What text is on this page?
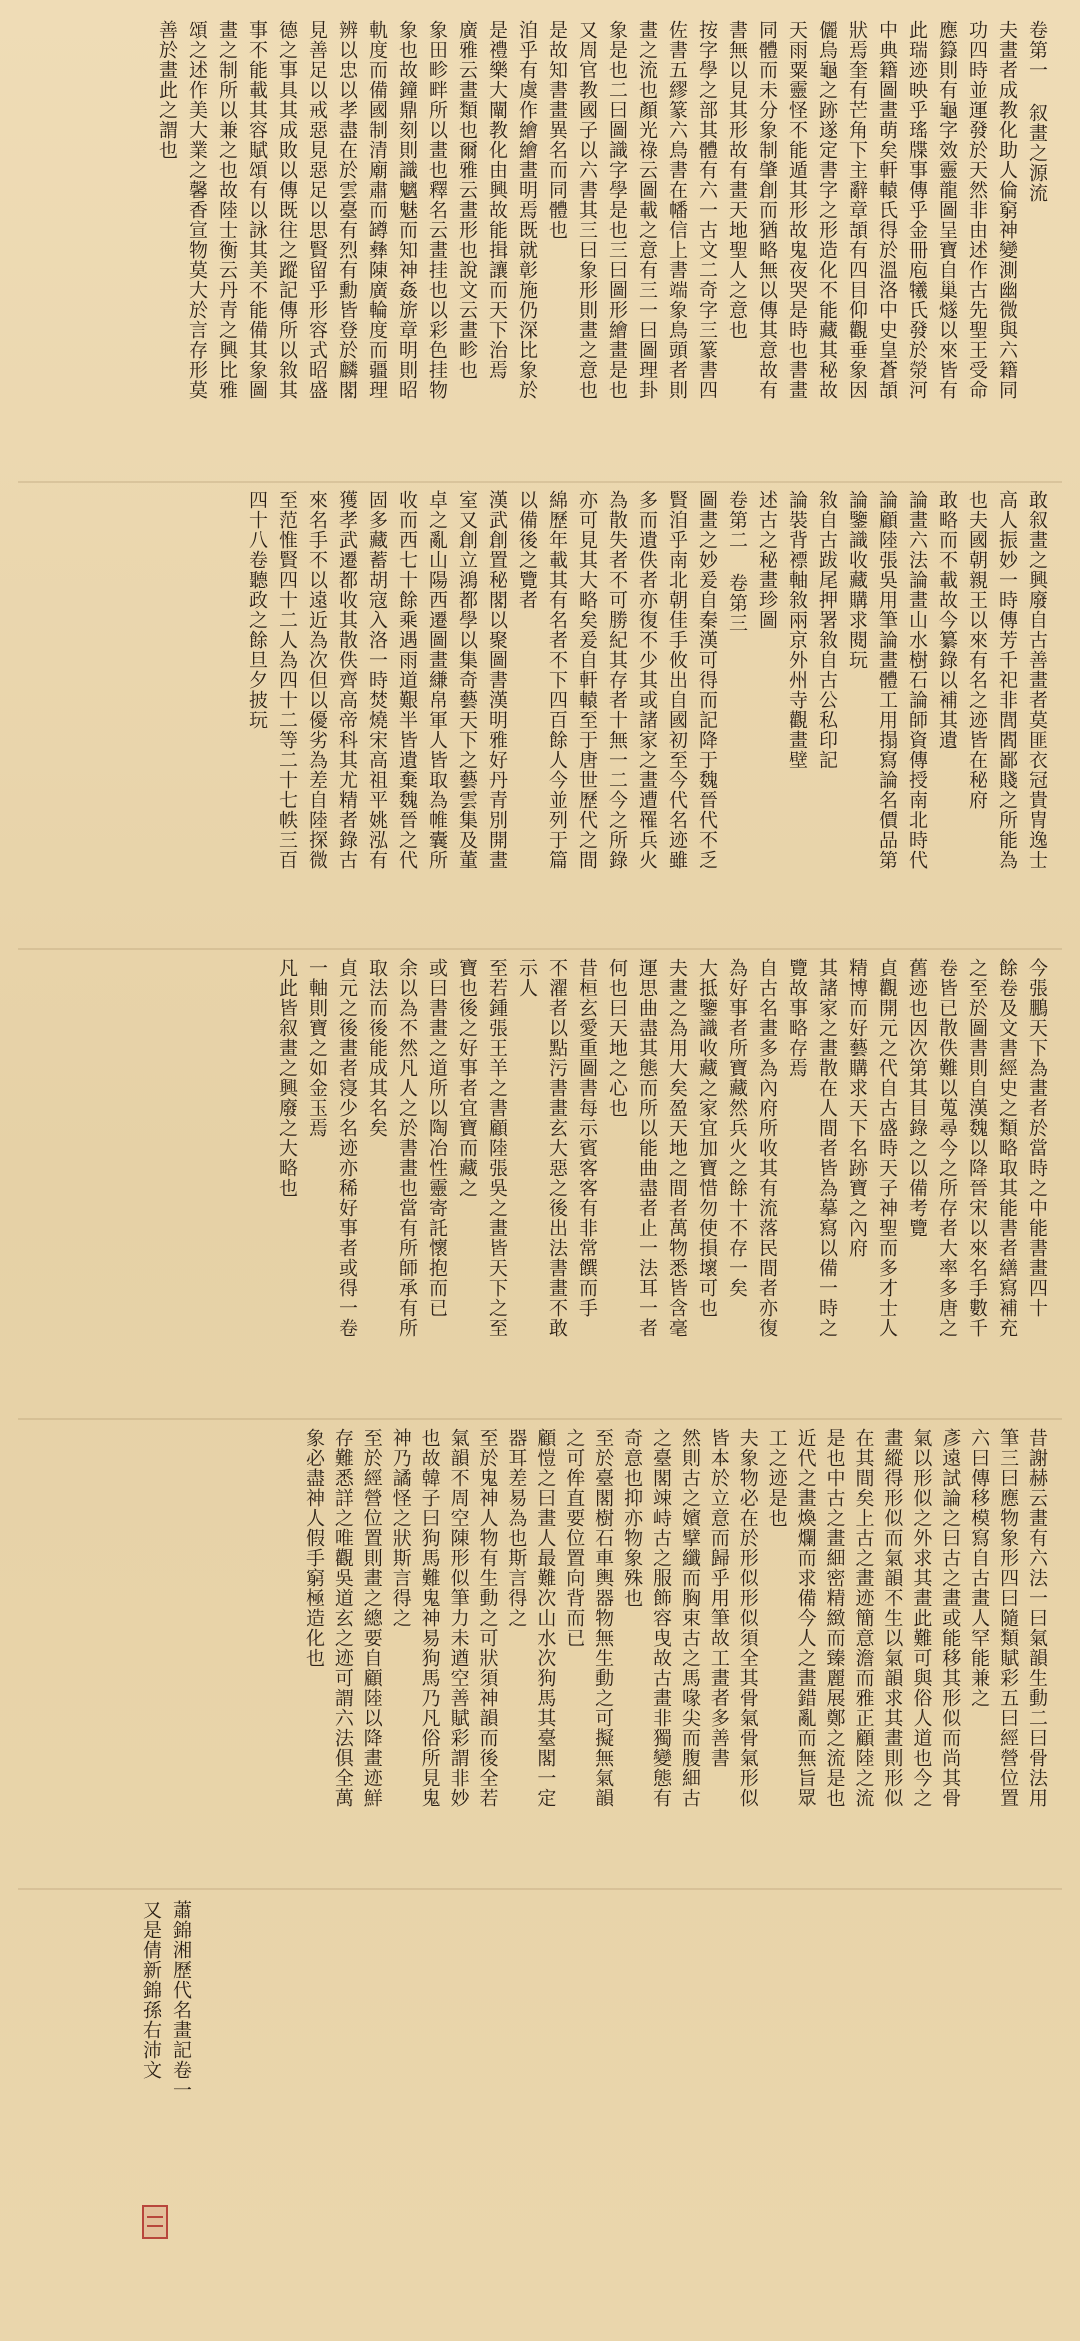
卷第一 叙畫之源流
夫畫者成教化助人倫窮神變測幽微與六籍同
功四時並運發於天然非由述作古先聖王受命
應籙則有龜字效靈龍圖呈寶自巢燧以來皆有
此瑞迹映乎瑤牒事傳乎金冊庖犧氏發於滎河
中典籍圖畫萌矣軒轅氏得於溫洛中史皇蒼頡
狀焉奎有芒角下主辭章頡有四目仰觀垂象因
儷烏龜之跡遂定書字之形造化不能藏其秘故
天雨粟靈怪不能遁其形故鬼夜哭是時也書畫
同體而未分象制肇創而猶略無以傳其意故有
書無以見其形故有畫天地聖人之意也
按字學之部其體有六一古文二奇字三篆書四
佐書五繆篆六鳥書在幡信上書端象鳥頭者則
畫之流也顏光祿云圖載之意有三一曰圖理卦
象是也二曰圖識字學是也三曰圖形繪畫是也
又周官教國子以六書其三曰象形則畫之意也
是故知書畫異名而同體也
洎乎有虞作繪繪畫明焉既就彰施仍深比象於
是禮樂大闡教化由興故能揖讓而天下治焉
廣雅云畫類也爾雅云畫形也說文云畫畛也
象田畛畔所以畫也釋名云畫挂也以彩色挂物
象也故鐘鼎刻則識魑魅而知神姦旂章明則昭
軌度而備國制清廟肅而罇彝陳廣輪度而疆理
辨以忠以孝盡在於雲臺有烈有勳皆登於麟閣
見善足以戒惡見惡足以思賢留乎形容式昭盛
德之事具其成敗以傳既往之蹤記傳所以敘其
事不能載其容賦頌有以詠其美不能備其象圖
畫之制所以兼之也故陸士衡云丹青之興比雅
頌之述作美大業之馨香宣物莫大於言存形莫
善於畫此之謂也
敢叙畫之興廢自古善畫者莫匪衣冠貴冑逸士
高人振妙一時傳芳千祀非閭閻鄙賤之所能為
也夫國朝親王以來有名之迹皆在秘府
敢略而不載故今纂錄以補其遺
論畫六法論畫山水樹石論師資傳授南北時代
論顧陸張吳用筆論畫體工用搨寫論名價品第
論鑒識收藏購求閱玩
敘自古跋尾押署敘自古公私印記
論裝背褾軸敘兩京外州寺觀畫壁
述古之秘畫珍圖
卷第二 卷第三
圖畫之妙爰自秦漢可得而記降于魏晉代不乏
賢洎乎南北朝佳手攸出自國初至今代名迹雖
多而遺佚者亦復不少其或諸家之畫遭罹兵火
為散失者不可勝紀其存者十無一二今之所錄
亦可見其大略矣爰自軒轅至于唐世歷代之間
綿歷年載其有名者不下四百餘人今並列于篇
以備後之覽者
漢武創置秘閣以聚圖書漢明雅好丹青別開畫
室又創立鴻都學以集奇藝天下之藝雲集及董
卓之亂山陽西遷圖畫縑帛軍人皆取為帷囊所
收而西七十餘乘遇雨道艱半皆遺棄魏晉之代
固多藏蓄胡寇入洛一時焚燒宋高祖平姚泓有
獲孝武遷都收其散佚齊高帝科其尤精者錄古
來名手不以遠近為次但以優劣為差自陸探微
至范惟賢四十二人為四十二等二十七帙三百
四十八卷聽政之餘旦夕披玩
今張鵬天下為畫者於當時之中能書畫四十
餘卷及文書經史之類略取其能書者繕寫補充
之至於圖書則自漢魏以降晉宋以來名手數千
卷皆已散佚難以蒐尋今之所存者大率多唐之
舊迹也因次第其目錄之以備考覽
貞觀開元之代自古盛時天子神聖而多才士人
精博而好藝購求天下名跡寶之內府
其諸家之畫散在人間者皆為摹寫以備一時之
覽故事略存焉
自古名畫多為內府所收其有流落民間者亦復
為好事者所寶藏然兵火之餘十不存一矣
大抵鑒識收藏之家宜加寶惜勿使損壞可也
夫畫之為用大矣盈天地之間者萬物悉皆含毫
運思曲盡其態而所以能曲盡者止一法耳一者
何也曰天地之心也
昔桓玄愛重圖書每示賓客客有非常饌而手
不濯者以點污書畫玄大惡之後出法書畫不敢
示人
至若鍾張王羊之書顧陸張吳之畫皆天下之至
寶也後之好事者宜寶而藏之
或曰書畫之道所以陶冶性靈寄託懷抱而已
余以為不然凡人之於書畫也當有所師承有所
取法而後能成其名矣
貞元之後畫者寖少名迹亦稀好事者或得一卷
一軸則寶之如金玉焉
凡此皆叙畫之興廢之大略也
昔謝赫云畫有六法一曰氣韻生動二曰骨法用
筆三曰應物象形四曰隨類賦彩五曰經營位置
六曰傳移模寫自古畫人罕能兼之
彥遠試論之曰古之畫或能移其形似而尚其骨
氣以形似之外求其畫此難可與俗人道也今之
畫縱得形似而氣韻不生以氣韻求其畫則形似
在其間矣上古之畫迹簡意澹而雅正顧陸之流
是也中古之畫細密精緻而臻麗展鄭之流是也
近代之畫煥爛而求備今人之畫錯亂而無旨眾
工之迹是也
夫象物必在於形似形似須全其骨氣骨氣形似
皆本於立意而歸乎用筆故工畫者多善書
然則古之嬪擘纖而胸束古之馬喙尖而腹細古
之臺閣竦峙古之服飾容曳故古畫非獨變態有
奇意也抑亦物象殊也
至於臺閣樹石車輿器物無生動之可擬無氣韻
之可侔直要位置向背而已
顧愷之曰畫人最難次山水次狗馬其臺閣一定
器耳差易為也斯言得之
至於鬼神人物有生動之可狀須神韻而後全若
氣韻不周空陳形似筆力未遒空善賦彩謂非妙
也故韓子曰狗馬難鬼神易狗馬乃凡俗所見鬼
神乃譎怪之狀斯言得之
至於經營位置則畫之總要自顧陸以降畫迹鮮
存難悉詳之唯觀吳道玄之迹可謂六法俱全萬
象必盡神人假手窮極造化也
蕭錦湘歷代名畫記卷一
又是倩新錦孫右沛文
